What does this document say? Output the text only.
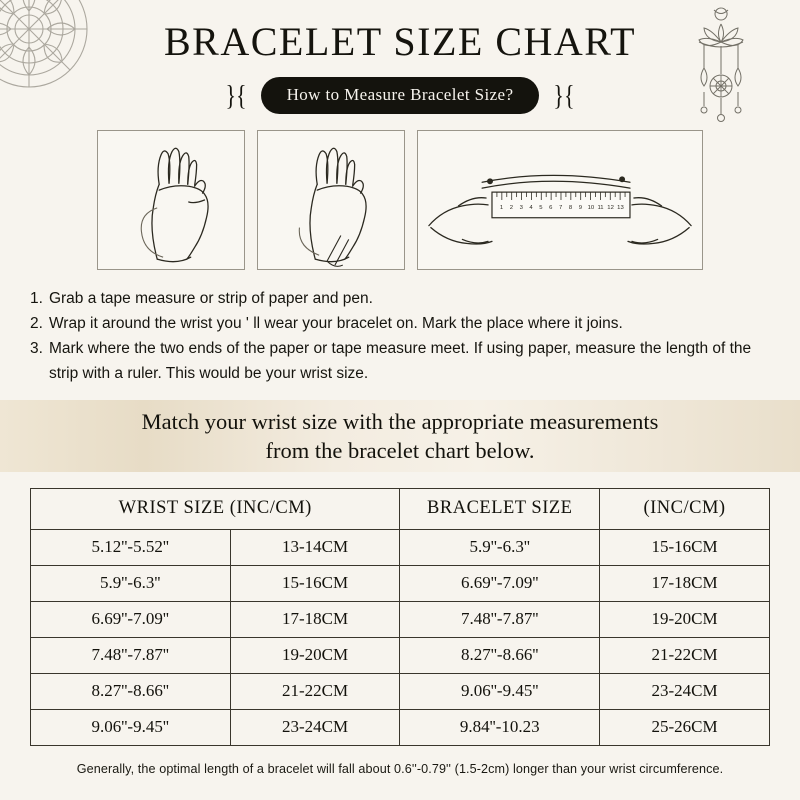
BRACELET SIZE CHART
}{	How to Measure Bracelet Size?	}{
1 2 3 4 5 6 7 8 9 10 11 12 13
1. Grab a tape measure or strip of paper and pen.
2. Wrap it around the wrist you ' ll wear your bracelet on. Mark the place where it joins.
3. Mark where the two ends of the paper or tape measure meet. If using paper, measure the length of the strip with a ruler. This would be your wrist size.
Match your wrist size with the appropriate measurements
from the bracelet chart below.
WRIST SIZE (INC/CM)		BRACELET SIZE	(INC/CM)
5.12''-5.52''	13-14CM	5.9''-6.3''	15-16CM
5.9''-6.3''	15-16CM	6.69''-7.09''	17-18CM
6.69''-7.09''	17-18CM	7.48''-7.87''	19-20CM
7.48''-7.87''	19-20CM	8.27''-8.66''	21-22CM
8.27''-8.66''	21-22CM	9.06''-9.45''	23-24CM
9.06''-9.45''	23-24CM	9.84''-10.23	25-26CM
Generally, the optimal length of a bracelet will fall about 0.6''-0.79'' (1.5-2cm) longer than your wrist circumference.
